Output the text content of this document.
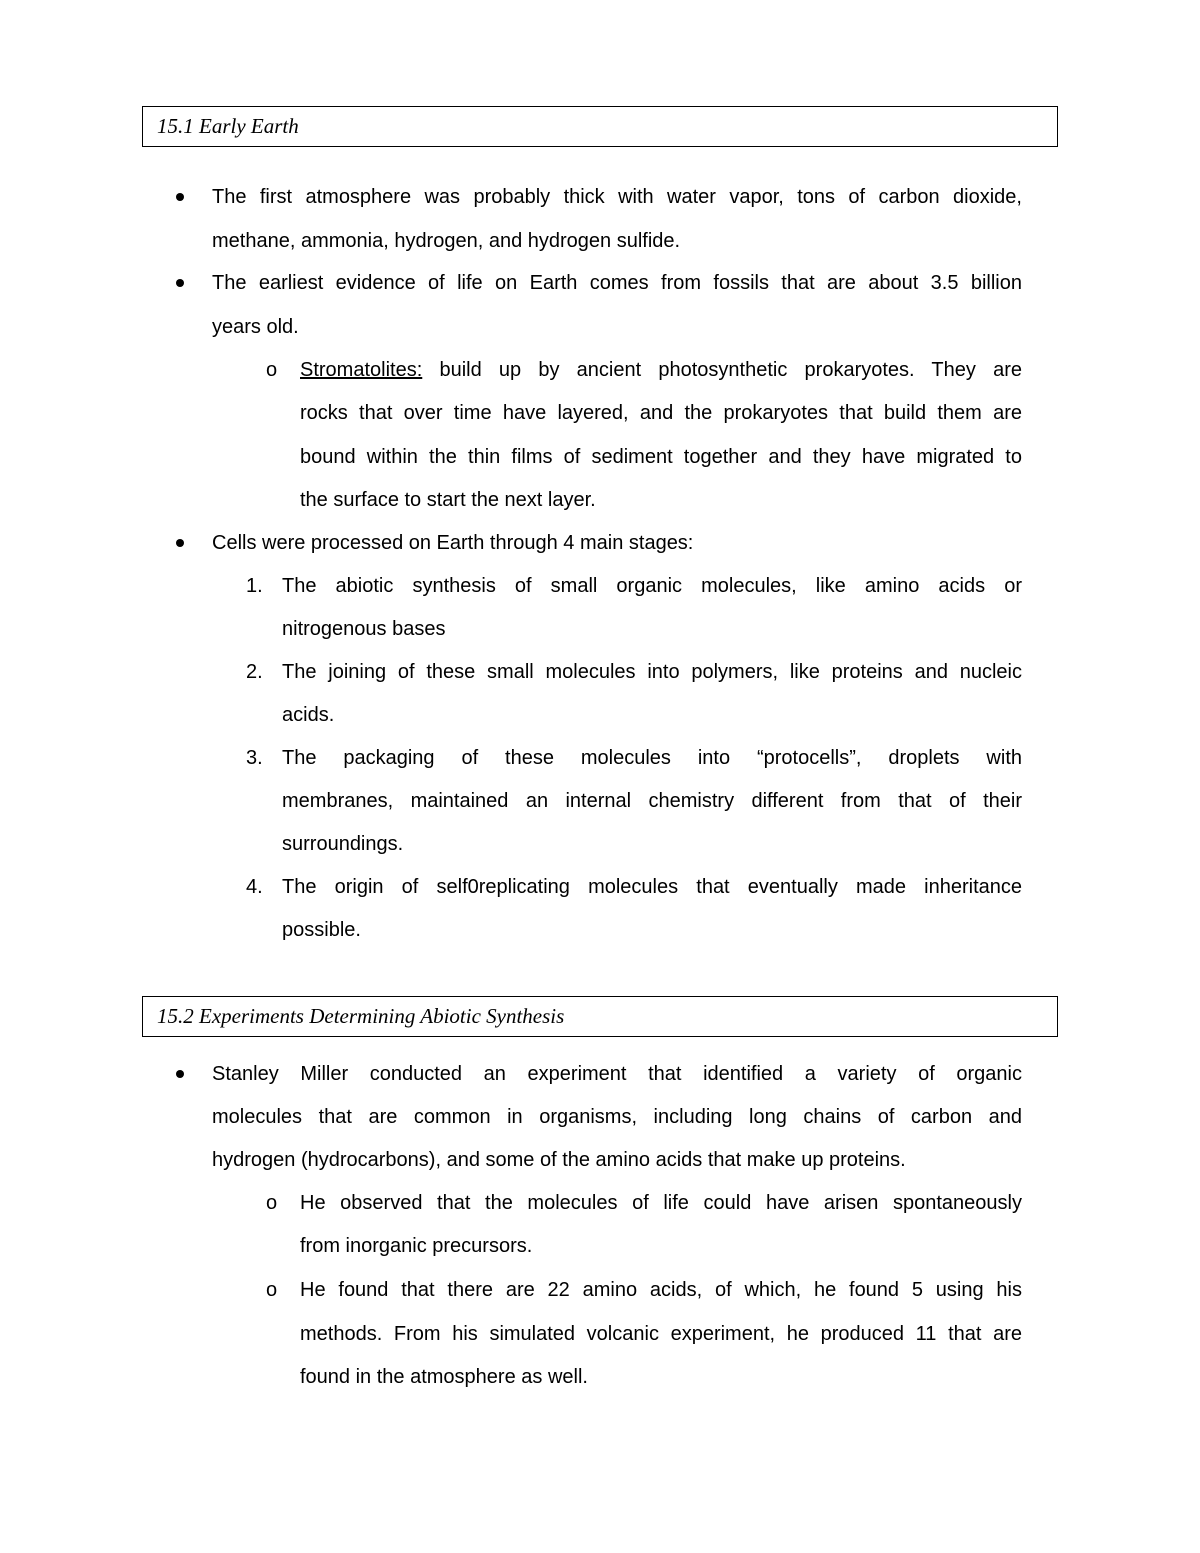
15.1 Early Earth
The first atmosphere was probably thick with water vapor, tons of carbon dioxide,
methane, ammonia, hydrogen, and hydrogen sulfide.
The earliest evidence of life on Earth comes from fossils that are about 3.5 billion
years old.
o Stromatolites: build up by ancient photosynthetic prokaryotes. They are
rocks that over time have layered, and the prokaryotes that build them are
bound within the thin films of sediment together and they have migrated to
the surface to start the next layer.
Cells were processed on Earth through 4 main stages:
1. The abiotic synthesis of small organic molecules, like amino acids or
nitrogenous bases
2. The joining of these small molecules into polymers, like proteins and nucleic
acids.
3. The packaging of these molecules into “protocells”, droplets with
membranes, maintained an internal chemistry different from that of their
surroundings.
4. The origin of self0replicating molecules that eventually made inheritance
possible.
15.2 Experiments Determining Abiotic Synthesis
Stanley Miller conducted an experiment that identified a variety of organic
molecules that are common in organisms, including long chains of carbon and
hydrogen (hydrocarbons), and some of the amino acids that make up proteins.
o He observed that the molecules of life could have arisen spontaneously
from inorganic precursors.
o He found that there are 22 amino acids, of which, he found 5 using his
methods. From his simulated volcanic experiment, he produced 11 that are
found in the atmosphere as well.
